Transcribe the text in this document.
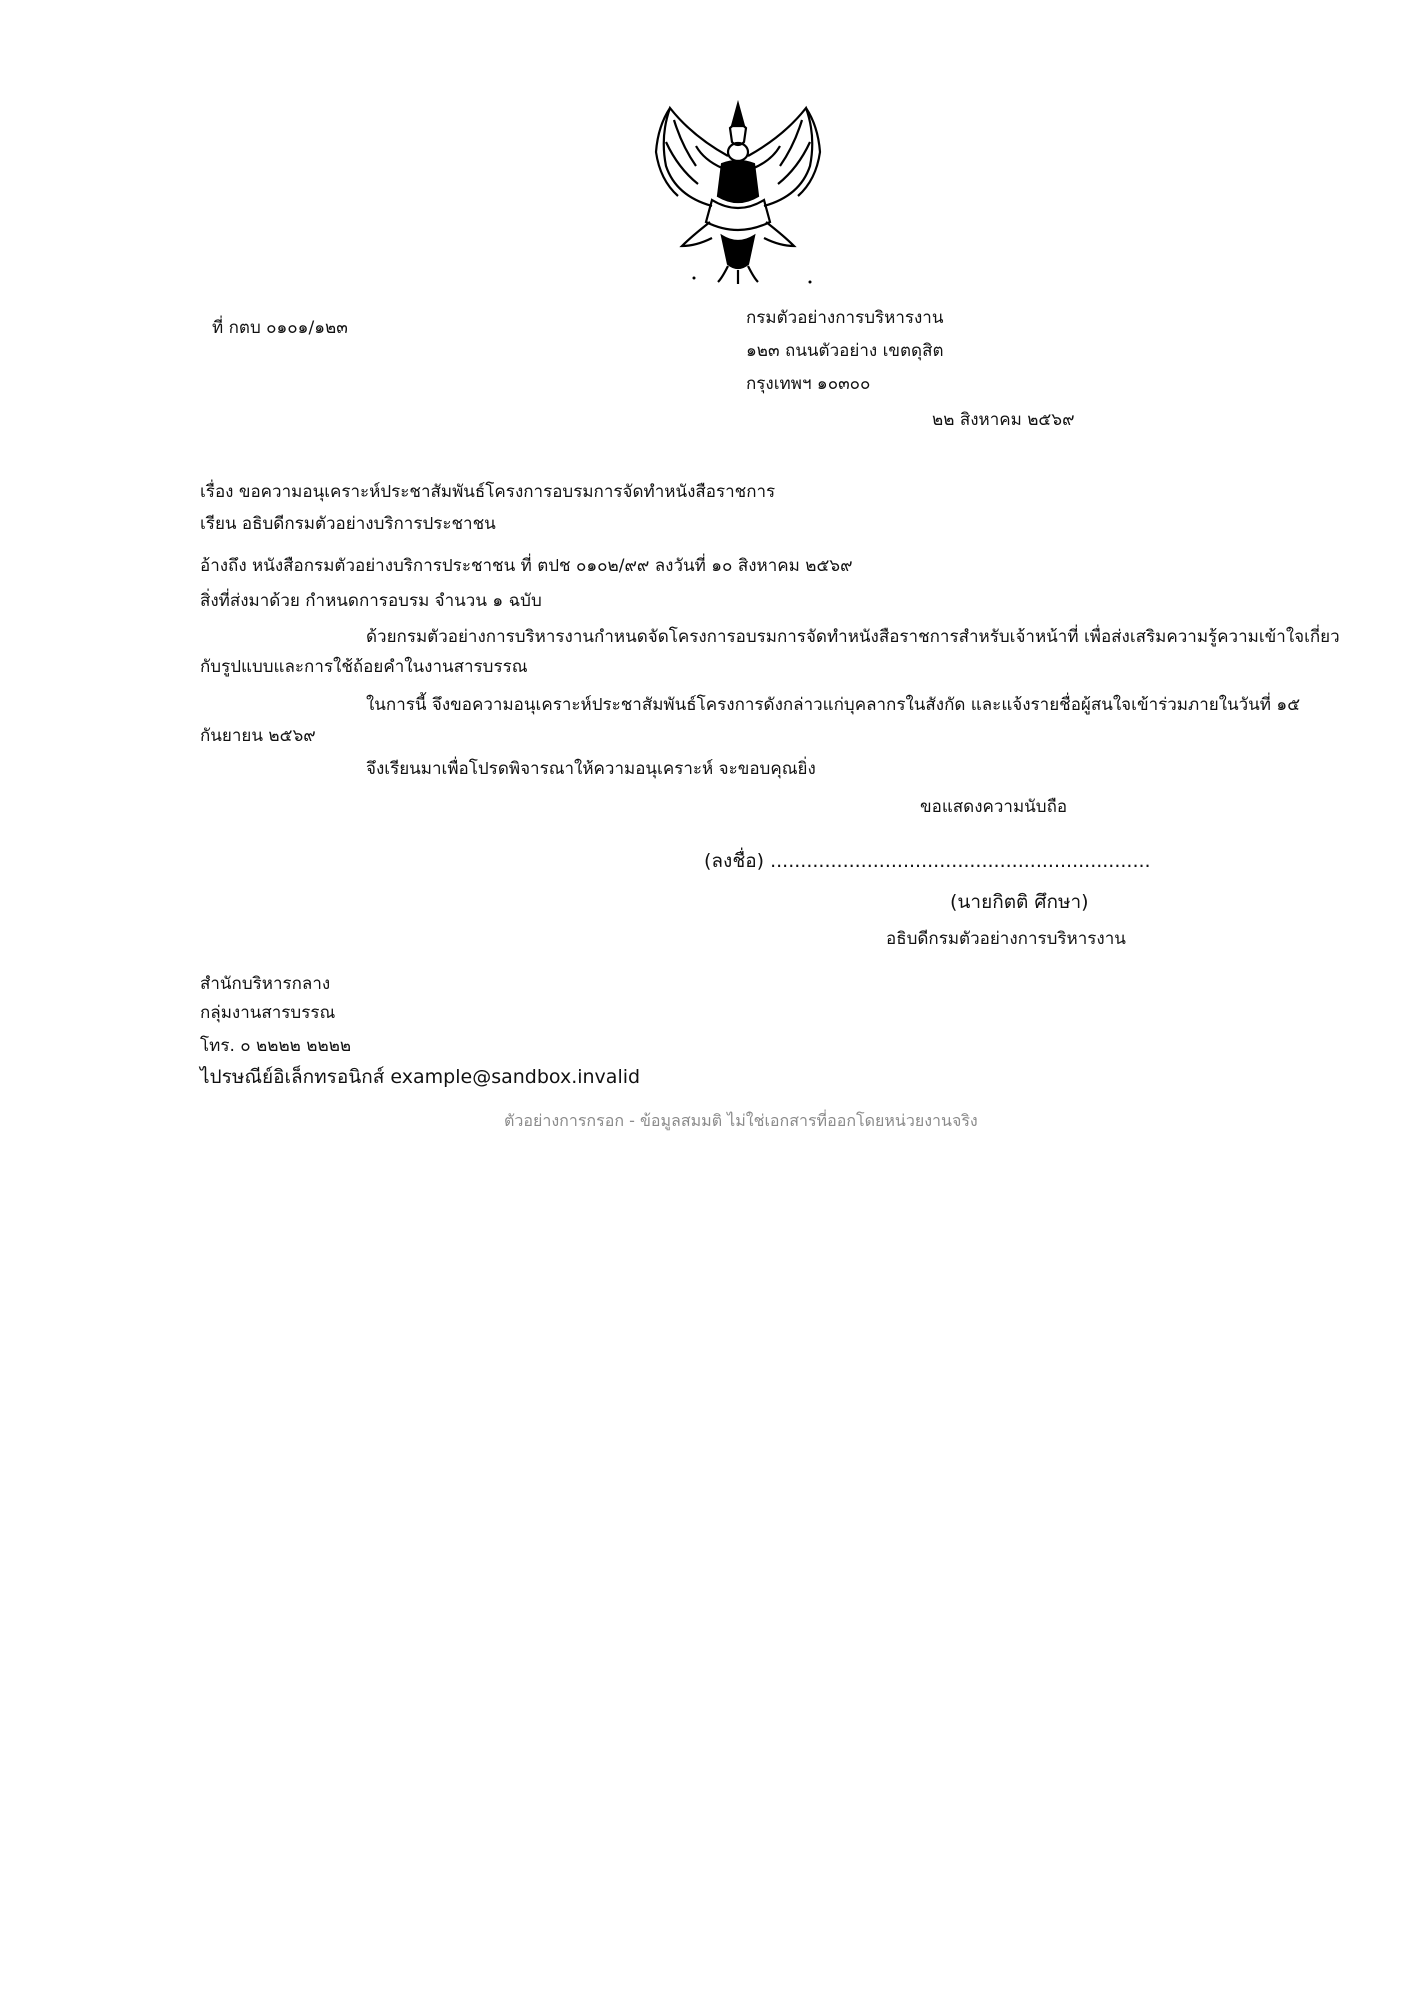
ที่ กตบ ๐๑๐๑/๑๒๓	กรมตัวอย่างการบริหารงาน
๑๒๓ ถนนตัวอย่าง เขตดุสิต
กรุงเทพฯ ๑๐๓๐๐
๒๒ สิงหาคม ๒๕๖๙
เรื่อง ขอความอนุเคราะห์ประชาสัมพันธ์โครงการอบรมการจัดทำหนังสือราชการ
เรียน อธิบดีกรมตัวอย่างบริการประชาชน
อ้างถึง หนังสือกรมตัวอย่างบริการประชาชน ที่ ตปช ๐๑๐๒/๙๙ ลงวันที่ ๑๐ สิงหาคม ๒๕๖๙
สิ่งที่ส่งมาด้วย กำหนดการอบรม จำนวน ๑ ฉบับ
ด้วยกรมตัวอย่างการบริหารงานกำหนดจัดโครงการอบรมการจัดทำหนังสือราชการสำหรับเจ้าหน้าที่ เพื่อส่งเสริมความรู้ความเข้าใจเกี่ยว
กับรูปแบบและการใช้ถ้อยคำในงานสารบรรณ
ในการนี้ จึงขอความอนุเคราะห์ประชาสัมพันธ์โครงการดังกล่าวแก่บุคลากรในสังกัด และแจ้งรายชื่อผู้สนใจเข้าร่วมภายในวันที่ ๑๕
กันยายน ๒๕๖๙
จึงเรียนมาเพื่อโปรดพิจารณาให้ความอนุเคราะห์ จะขอบคุณยิ่ง
ขอแสดงความนับถือ
(ลงชื่อ) ...............................................................
(นายกิตติ ศึกษา)
อธิบดีกรมตัวอย่างการบริหารงาน
สำนักบริหารกลาง
กลุ่มงานสารบรรณ
โทร. ๐ ๒๒๒๒ ๒๒๒๒
ไปรษณีย์อิเล็กทรอนิกส์ example@sandbox.invalid
ตัวอย่างการกรอก - ข้อมูลสมมติ ไม่ใช่เอกสารที่ออกโดยหน่วยงานจริง
